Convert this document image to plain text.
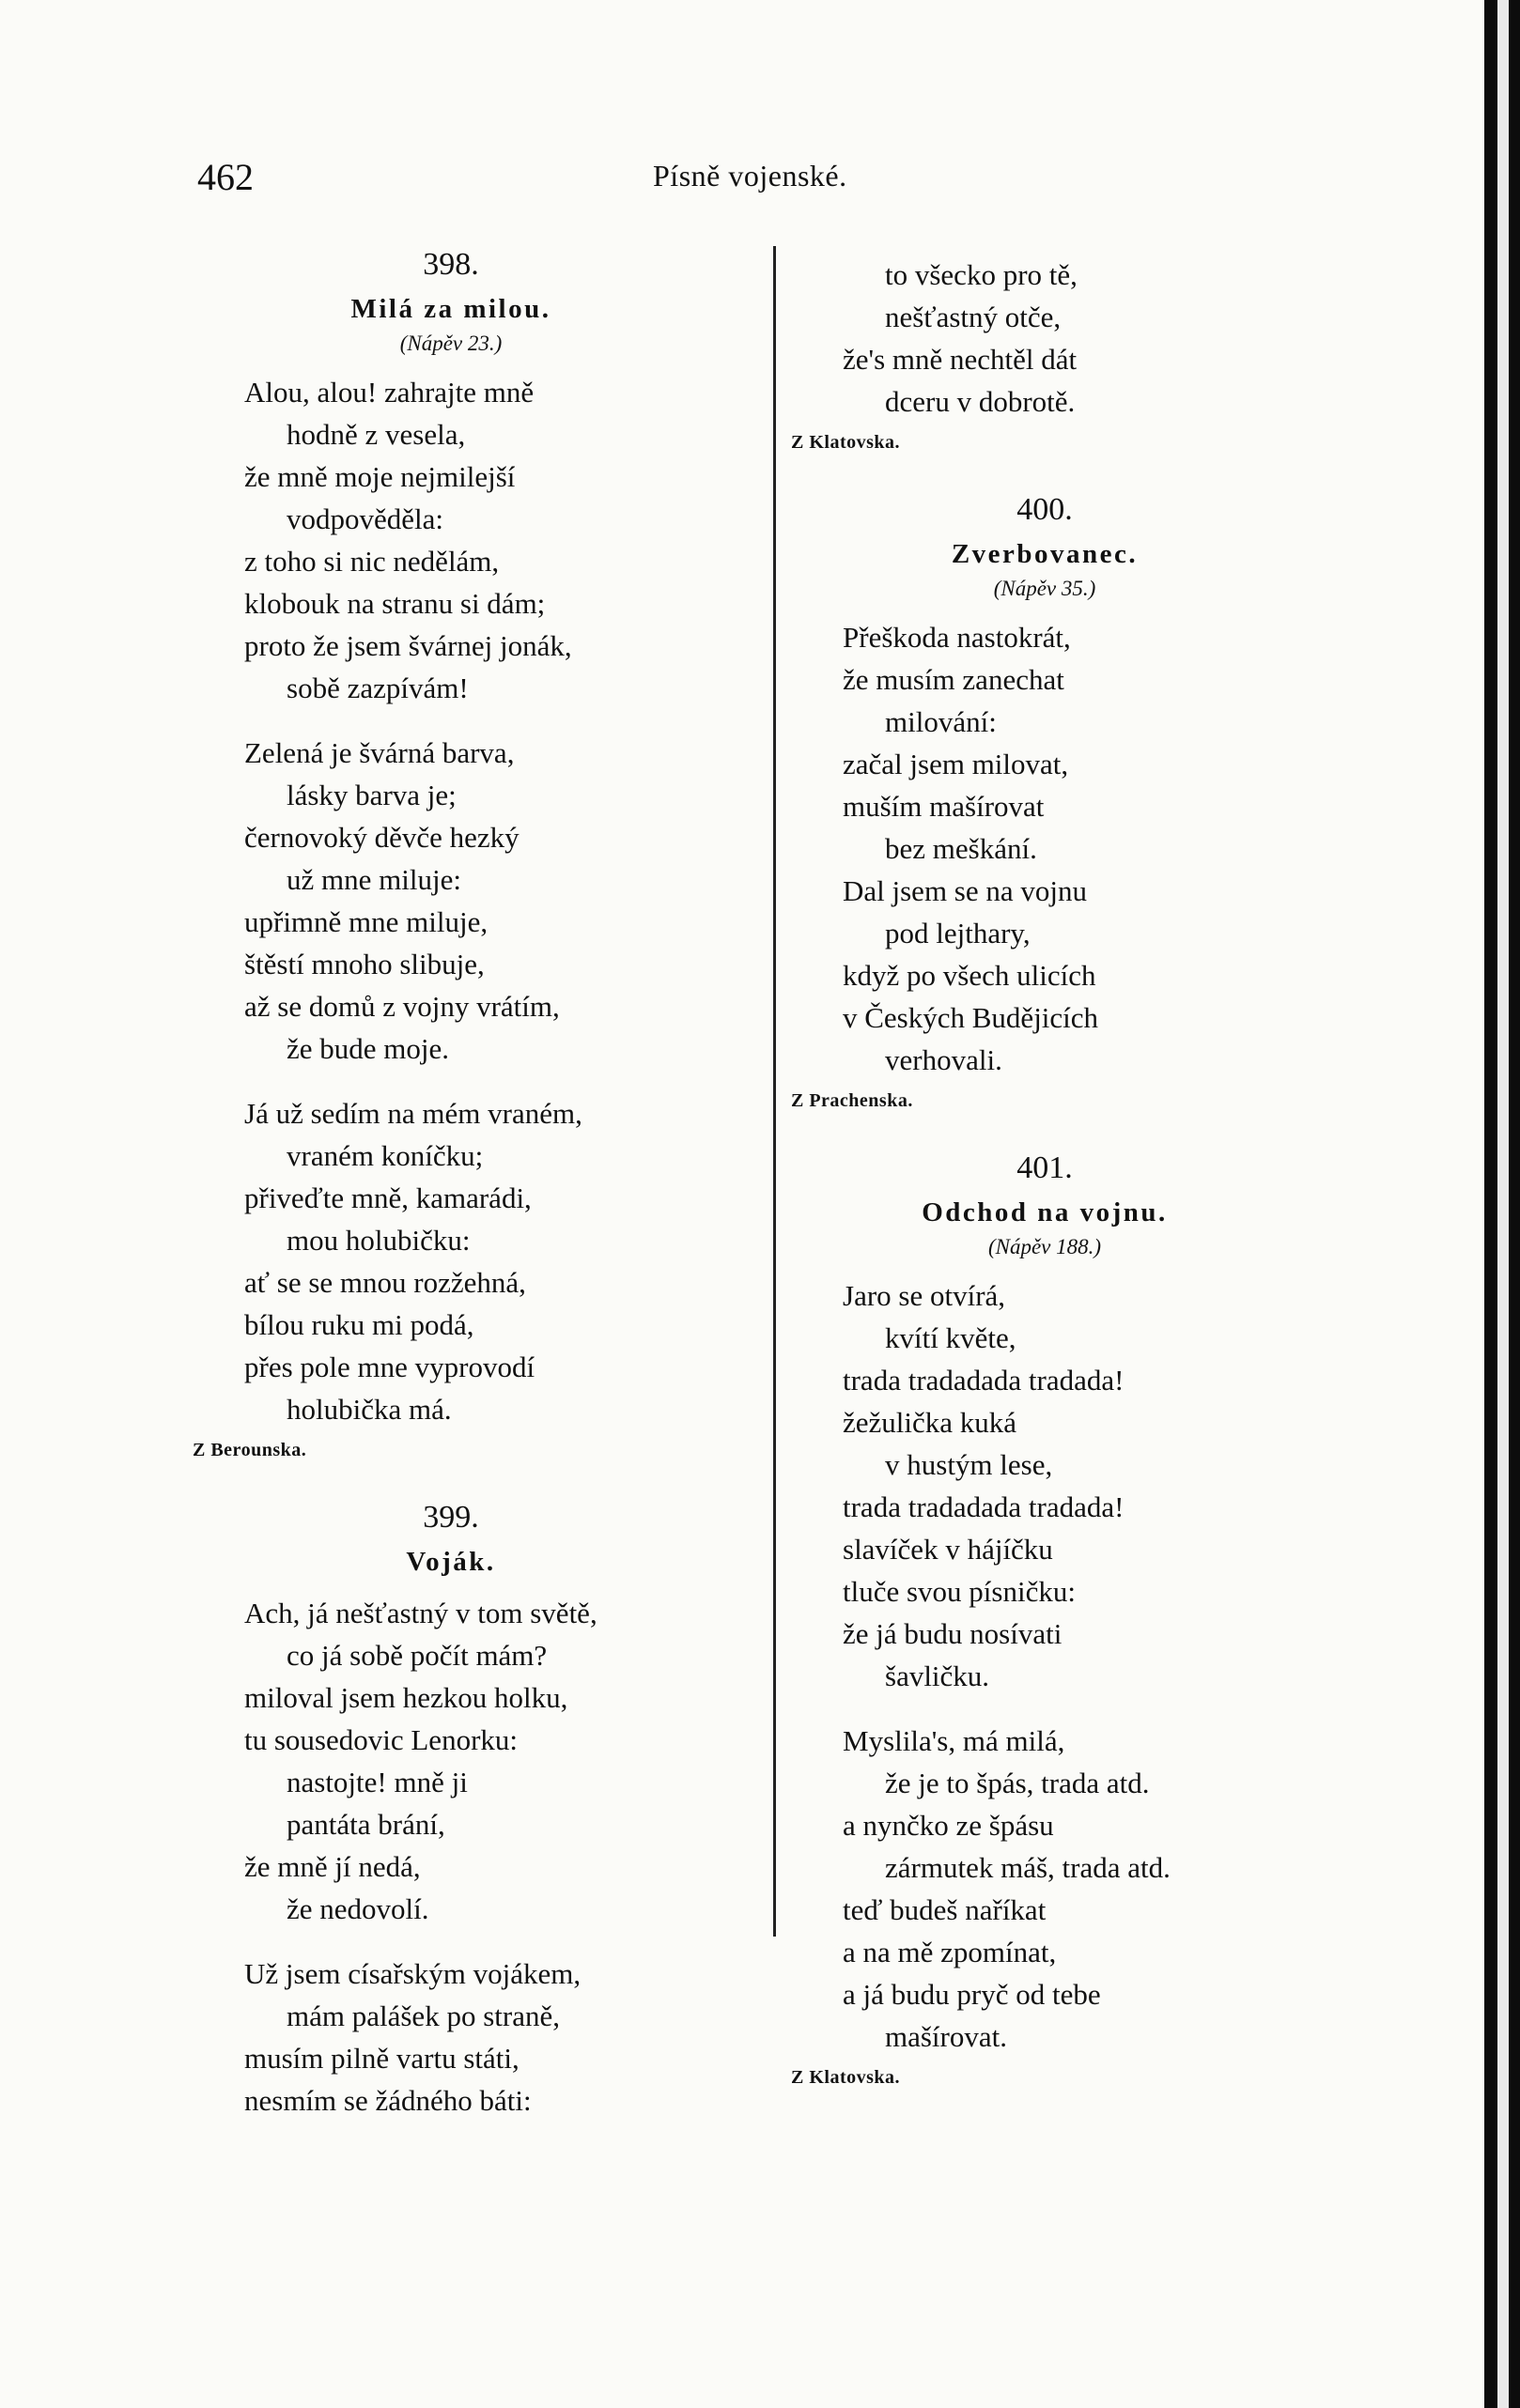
462	Písně vojenské.
398.
Milá za milou.
(Nápěv 23.)
Alou, alou! zahrajte mně
hodně z vesela,
že mně moje nejmilejší
vodpověděla:
z toho si nic nedělám,
klobouk na stranu si dám;
proto že jsem švárnej jonák,
sobě zazpívám!
Zelená je švárná barva,
lásky barva je;
černovoký děvče hezký
už mne miluje:
upřimně mne miluje,
štěstí mnoho slibuje,
až se domů z vojny vrátím,
že bude moje.
Já už sedím na mém vraném,
vraném koníčku;
přiveďte mně, kamarádi,
mou holubičku:
ať se se mnou rozžehná,
bílou ruku mi podá,
přes pole mne vyprovodí
holubička má.
Z Berounska.
399.
Voják.
Ach, já nešťastný v tom světě,
co já sobě počít mám?
miloval jsem hezkou holku,
tu sousedovic Lenorku:
nastojte! mně ji
pantáta brání,
že mně jí nedá,
že nedovolí.
Už jsem císařským vojákem,
mám palášek po straně,
musím pilně vartu státi,
nesmím se žádného báti:
to všecko pro tě,
nešťastný otče,
že's mně nechtěl dát
dceru v dobrotě.
Z Klatovska.
400.
Zverbovanec.
(Nápěv 35.)
Přeškoda nastokrát,
že musím zanechat
milování:
začal jsem milovat,
muším mašírovat
bez meškání.
Dal jsem se na vojnu
pod lejthary,
když po všech ulicích
v Českých Budějicích
verhovali.
Z Prachenska.
401.
Odchod na vojnu.
(Nápěv 188.)
Jaro se otvírá,
kvítí květe,
trada tradadada tradada!
žežulička kuká
v hustým lese,
trada tradadada tradada!
slavíček v hájíčku
tluče svou písničku:
že já budu nosívati
šavličku.
Myslila's, má milá,
že je to špás, trada atd.
a nynčko ze špásu
zármutek máš, trada atd.
teď budeš naříkat
a na mě zpomínat,
a já budu pryč od tebe
mašírovat.
Z Klatovska.
